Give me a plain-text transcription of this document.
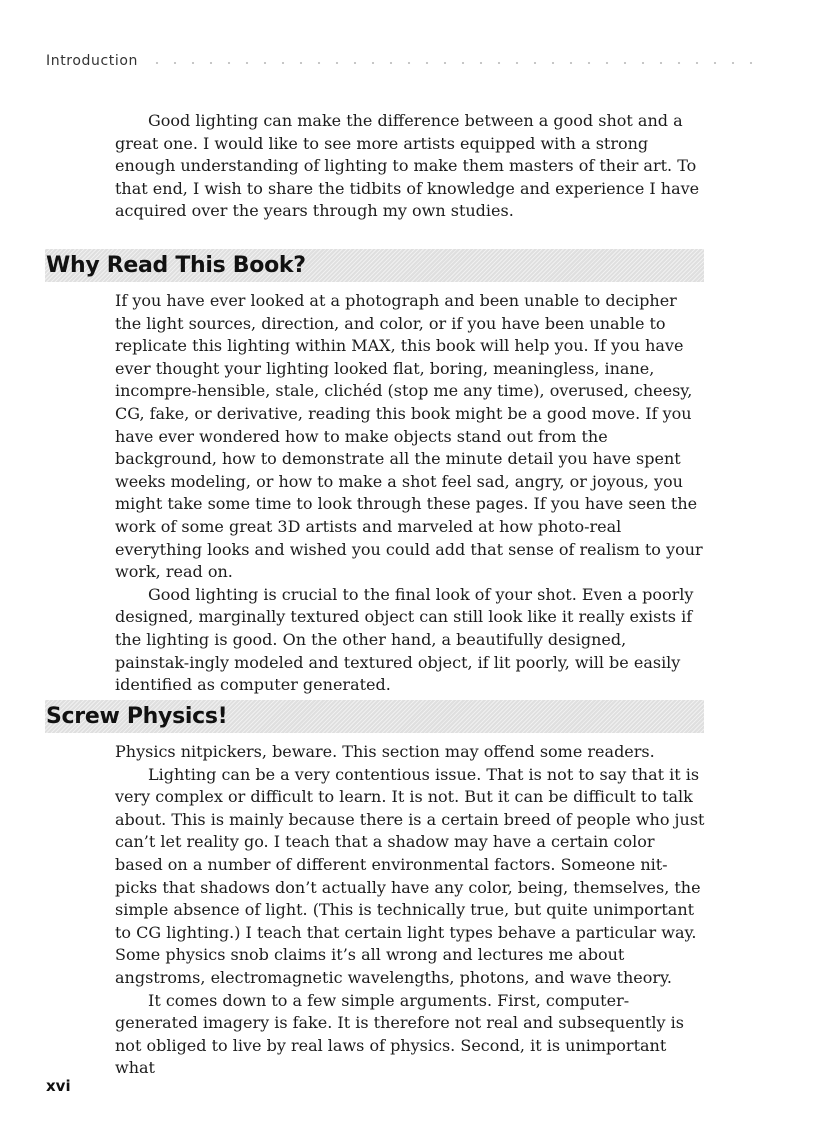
Introduction

Good lighting can make the difference between a good shot and a great one. I would like to see more artists equipped with a strong enough understanding of lighting to make them masters of their art. To that end, I wish to share the tidbits of knowledge and experience I have acquired over the years through my own studies.

Why Read This Book?

If you have ever looked at a photograph and been unable to decipher the light sources, direction, and color, or if you have been unable to replicate this lighting within MAX, this book will help you. If you have ever thought your lighting looked flat, boring, meaningless, inane, incompre-hensible, stale, clichéd (stop me any time), overused, cheesy, CG, fake, or derivative, reading this book might be a good move. If you have ever wondered how to make objects stand out from the background, how to demonstrate all the minute detail you have spent weeks modeling, or how to make a shot feel sad, angry, or joyous, you might take some time to look through these pages. If you have seen the work of some great 3D artists and marveled at how photo-real everything looks and wished you could add that sense of realism to your work, read on.

Good lighting is crucial to the final look of your shot. Even a poorly designed, marginally textured object can still look like it really exists if the lighting is good. On the other hand, a beautifully designed, painstak-ingly modeled and textured object, if lit poorly, will be easily identified as computer generated.

Screw Physics!

Physics nitpickers, beware. This section may offend some readers.

Lighting can be a very contentious issue. That is not to say that it is very complex or difficult to learn. It is not. But it can be difficult to talk about. This is mainly because there is a certain breed of people who just can’t let reality go. I teach that a shadow may have a certain color based on a number of different environmental factors. Someone nit-picks that shadows don’t actually have any color, being, themselves, the simple absence of light. (This is technically true, but quite unimportant to CG lighting.) I teach that certain light types behave a particular way. Some physics snob claims it’s all wrong and lectures me about angstroms, electromagnetic wavelengths, photons, and wave theory.

It comes down to a few simple arguments. First, computer-generated imagery is fake. It is therefore not real and subsequently is not obliged to live by real laws of physics. Second, it is unimportant what

xvi
